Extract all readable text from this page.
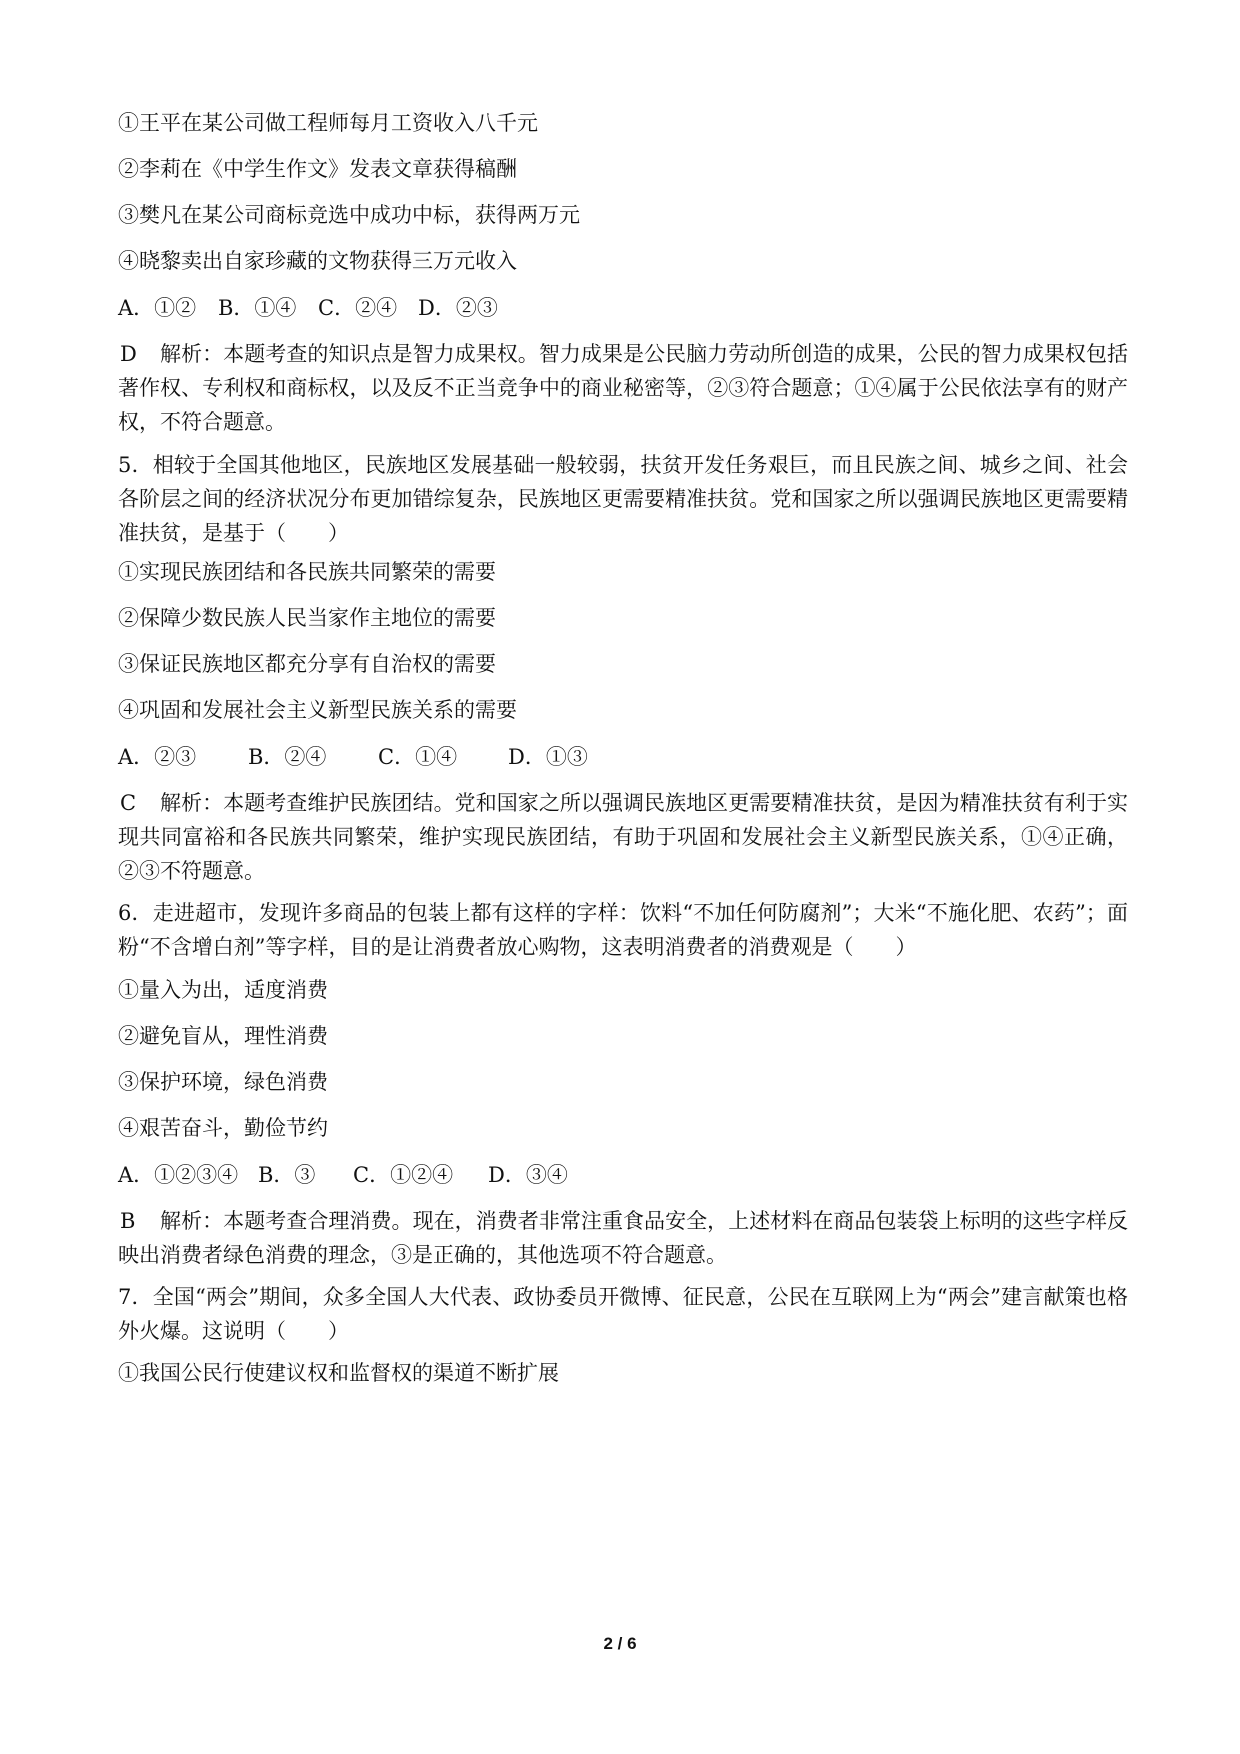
①王平在某公司做工程师每月工资收入八千元
②李莉在《中学生作文》发表文章获得稿酬
③樊凡在某公司商标竞选中成功中标，获得两万元
④晓黎卖出自家珍藏的文物获得三万元收入
A．①② B．①④ C．②④ D．②③
D 解析：本题考查的知识点是智力成果权。智力成果是公民脑力劳动所创造的成果，公民的智力成果权包括著作权、专利权和商标权，以及反不正当竞争中的商业秘密等，②③符合题意；①④属于公民依法享有的财产权，不符合题意。
5．相较于全国其他地区，民族地区发展基础一般较弱，扶贫开发任务艰巨，而且民族之间、城乡之间、社会各阶层之间的经济状况分布更加错综复杂，民族地区更需要精准扶贫。党和国家之所以强调民族地区更需要精准扶贫，是基于（　　）
①实现民族团结和各民族共同繁荣的需要
②保障少数民族人民当家作主地位的需要
③保证民族地区都充分享有自治权的需要
④巩固和发展社会主义新型民族关系的需要
A．②③ B．②④ C．①④ D．①③
C 解析：本题考查维护民族团结。党和国家之所以强调民族地区更需要精准扶贫，是因为精准扶贫有利于实现共同富裕和各民族共同繁荣，维护实现民族团结，有助于巩固和发展社会主义新型民族关系，①④正确，②③不符题意。
6．走进超市，发现许多商品的包装上都有这样的字样：饮料“不加任何防腐剂”；大米“不施化肥、农药”；面粉“不含增白剂”等字样，目的是让消费者放心购物，这表明消费者的消费观是（　　）
①量入为出，适度消费
②避免盲从，理性消费
③保护环境，绿色消费
④艰苦奋斗，勤俭节约
A．①②③④ B．③ C．①②④ D．③④
B 解析：本题考查合理消费。现在，消费者非常注重食品安全，上述材料在商品包装袋上标明的这些字样反映出消费者绿色消费的理念，③是正确的，其他选项不符合题意。
7．全国“两会”期间，众多全国人大代表、政协委员开微博、征民意，公民在互联网上为“两会”建言献策也格外火爆。这说明（　　）
①我国公民行使建议权和监督权的渠道不断扩展
2 / 6
